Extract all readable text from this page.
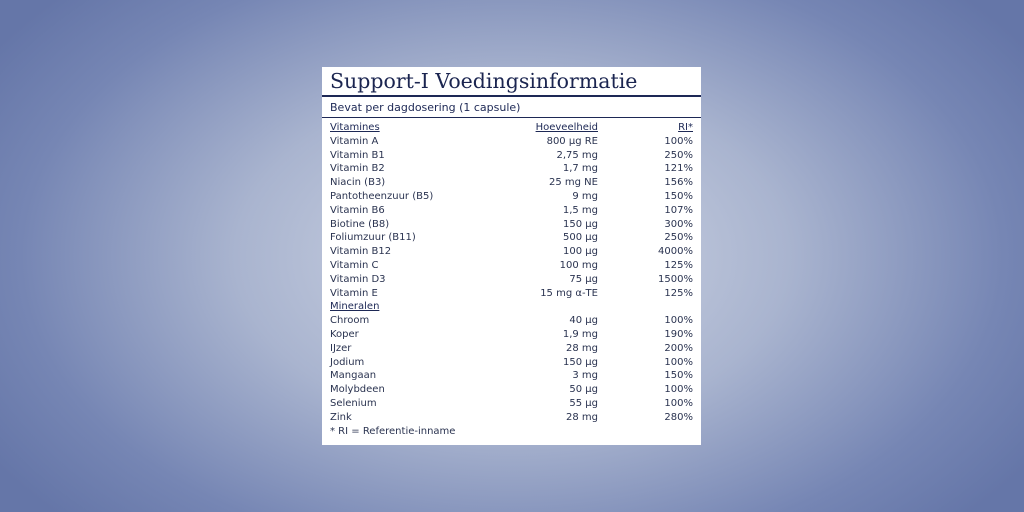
Support-I Voedingsinformatie
Bevat per dagdosering (1 capsule)
Vitamines	Hoeveelheid	RI*
Vitamin A	800 µg RE	100%
Vitamin B1	2,75 mg	250%
Vitamin B2	1,7 mg	121%
Niacin (B3)	25 mg NE	156%
Pantotheenzuur (B5)	9 mg	150%
Vitamin B6	1,5 mg	107%
Biotine (B8)	150 µg	300%
Foliumzuur (B11)	500 µg	250%
Vitamin B12	100 µg	4000%
Vitamin C	100 mg	125%
Vitamin D3	75 µg	1500%
Vitamin E	15 mg α-TE	125%
Mineralen
Chroom	40 µg	100%
Koper	1,9 mg	190%
IJzer	28 mg	200%
Jodium	150 µg	100%
Mangaan	3 mg	150%
Molybdeen	50 µg	100%
Selenium	55 µg	100%
Zink	28 mg	280%
* RI = Referentie-inname
